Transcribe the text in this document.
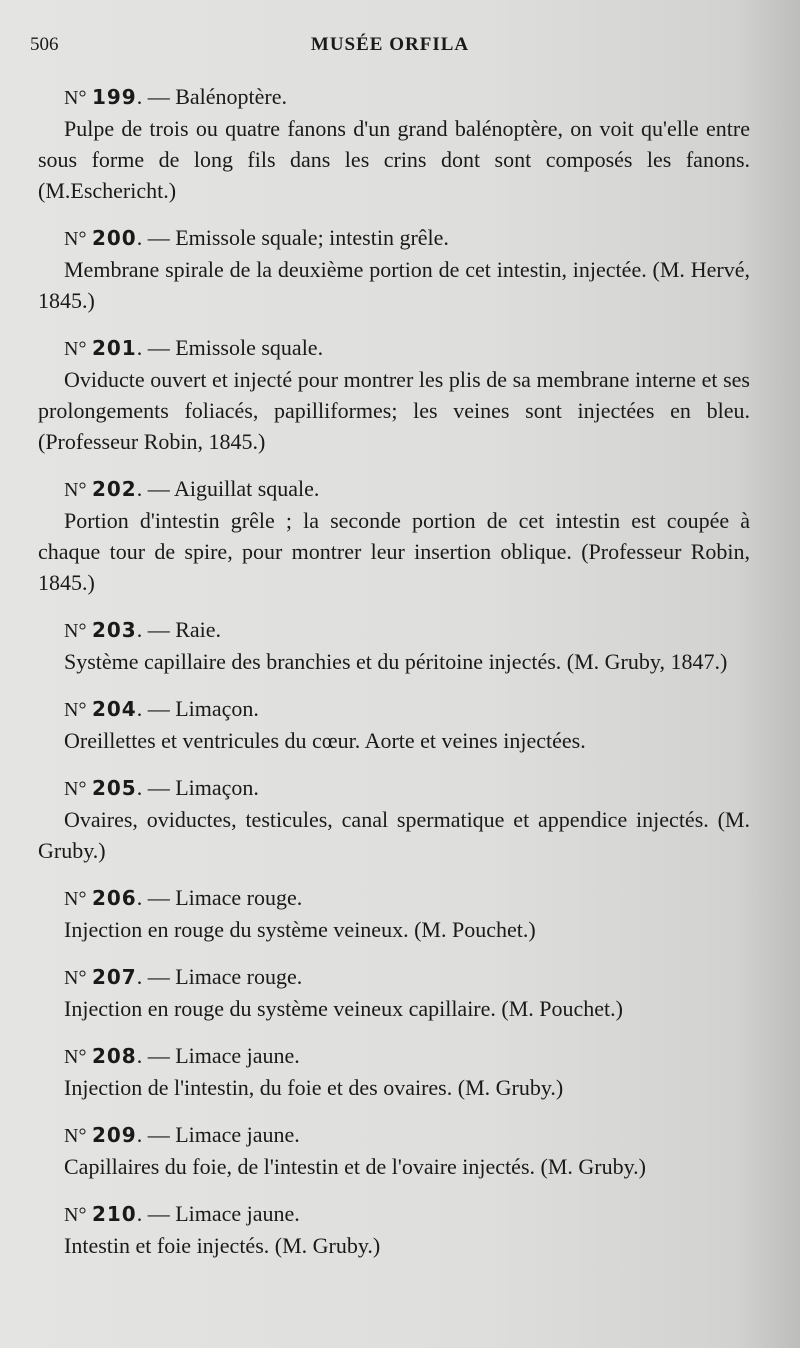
506	MUSÉE ORFILA
N° 199. — Balénoptère.
Pulpe de trois ou quatre fanons d'un grand balénoptère, on voit qu'elle entre sous forme de long fils dans les crins dont sont composés les fanons. (M.Eschericht.)
N° 200. — Emissole squale; intestin grêle.
Membrane spirale de la deuxième portion de cet intestin, injectée. (M. Hervé, 1845.)
N° 201. — Emissole squale.
Oviducte ouvert et injecté pour montrer les plis de sa membrane interne et ses prolongements foliacés, papilliformes; les veines sont injectées en bleu. (Professeur Robin, 1845.)
N° 202. — Aiguillat squale.
Portion d'intestin grêle ; la seconde portion de cet intestin est coupée à chaque tour de spire, pour montrer leur insertion oblique. (Professeur Robin, 1845.)
N° 203. — Raie.
Système capillaire des branchies et du péritoine injectés. (M. Gruby, 1847.)
N° 204. — Limaçon.
Oreillettes et ventricules du cœur. Aorte et veines injectées.
N° 205. — Limaçon.
Ovaires, oviductes, testicules, canal spermatique et appendice injectés. (M. Gruby.)
N° 206. — Limace rouge.
Injection en rouge du système veineux. (M. Pouchet.)
N° 207. — Limace rouge.
Injection en rouge du système veineux capillaire. (M. Pouchet.)
N° 208. — Limace jaune.
Injection de l'intestin, du foie et des ovaires. (M. Gruby.)
N° 209. — Limace jaune.
Capillaires du foie, de l'intestin et de l'ovaire injectés. (M. Gruby.)
N° 210. — Limace jaune.
Intestin et foie injectés. (M. Gruby.)
